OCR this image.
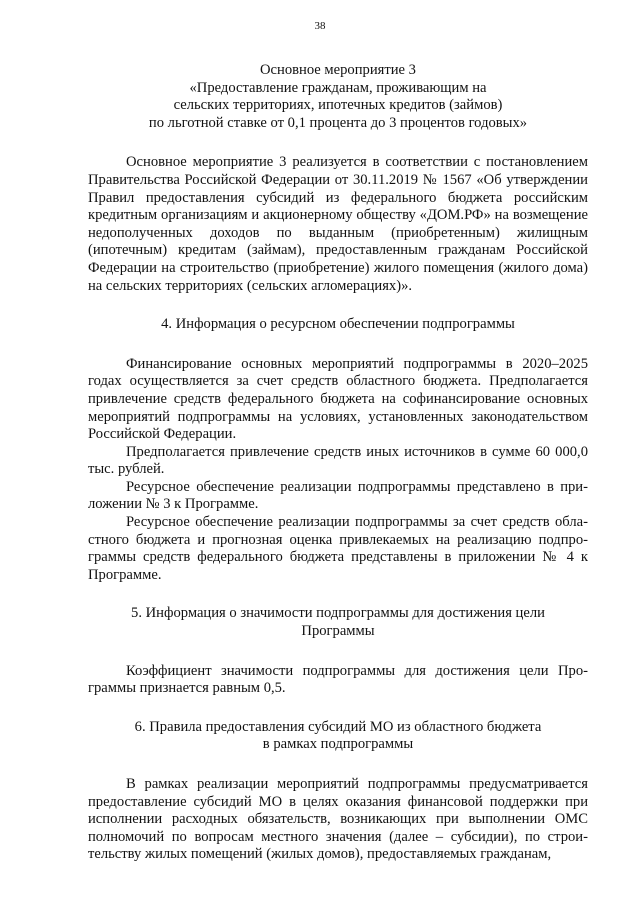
38
Основное мероприятие 3
«Предоставление гражданам, проживающим на
сельских территориях, ипотечных кредитов (займов)
по льготной ставке от 0,1 процента до 3 процентов годовых»

Основное мероприятие 3 реализуется в соответствии с постановлением Правительства Российской Федерации от 30.11.2019 № 1567 «Об утверждении Правил предоставления субсидий из федерального бюджета российским кредитным организациям и акционерному обществу «ДОМ.РФ» на возмещение недополученных доходов по выданным (приобретенным) жилищным (ипотечным) кредитам (займам), предоставленным гражданам Российской Федерации на строительство (приобретение) жилого помещения (жилого дома) на сельских территориях (сельских агломерациях)».

4. Информация о ресурсном обеспечении подпрограммы

Финансирование основных мероприятий подпрограммы в 2020–2025 годах осуществляется за счет средств областного бюджета. Предполагается привлечение средств федерального бюджета на софинансирование основных мероприятий подпрограммы на условиях, установленных законодательством Российской Федерации.

Предполагается привлечение средств иных источников в сумме 60 000,0 тыс. рублей.

Ресурсное обеспечение реализации подпрограммы представлено в приложении № 3 к Программе.

Ресурсное обеспечение реализации подпрограммы за счет средств областного бюджета и прогнозная оценка привлекаемых на реализацию подпрограммы средств федерального бюджета представлены в приложении № 4 к Программе.

5. Информация о значимости подпрограммы для достижения цели
Программы

Коэффициент значимости подпрограммы для достижения цели Программы признается равным 0,5.

6. Правила предоставления субсидий МО из областного бюджета
в рамках подпрограммы

В рамках реализации мероприятий подпрограммы предусматривается предоставление субсидий МО в целях оказания финансовой поддержки при исполнении расходных обязательств, возникающих при выполнении ОМС полномочий по вопросам местного значения (далее – субсидии), по строительству жилых помещений (жилых домов), предоставляемых гражданам,
